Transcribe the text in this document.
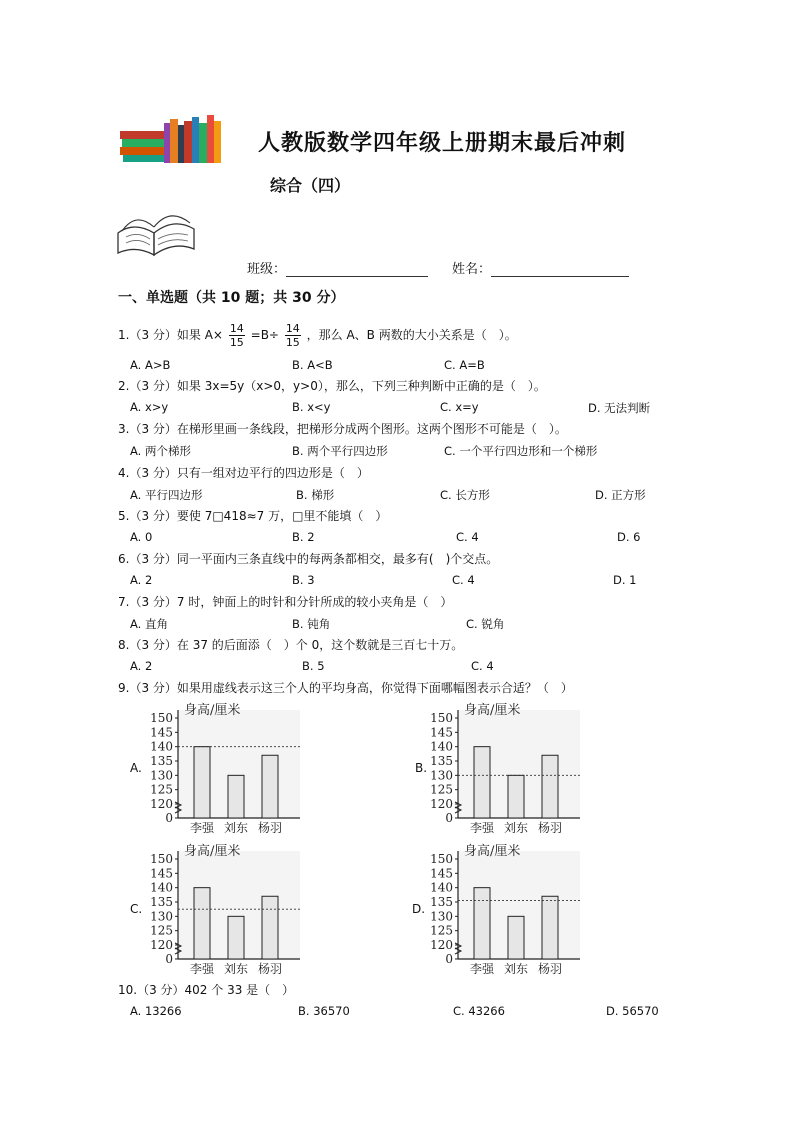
人教版数学四年级上册期末最后冲刺
综合（四）
班级：	姓名：
一、单选题（共 10 题；共 30 分）
1.（3 分）如果 $A\times \frac{14}{15} =B\div \frac{14}{15}$ ，那么 A、B 两数的大小关系是（　）。
A. A>B	B. A<B	C. A=B
2.（3 分）如果 3x=5y（x>0，y>0），那么，下列三种判断中正确的是（　）。
A. x>y	B. x<y	C. x=y	D. 无法判断
3.（3 分）在梯形里画一条线段，把梯形分成两个图形。这两个图形不可能是（　）。
A. 两个梯形	B. 两个平行四边形	C. 一个平行四边形和一个梯形
4.（3 分）只有一组对边平行的四边形是（　）
A. 平行四边形	B. 梯形	C. 长方形	D. 正方形
5.（3 分）要使 7□418≈7 万，□里不能填（　）
A. 0	B. 2	C. 4	D. 6
6.（3 分）同一平面内三条直线中的每两条都相交，最多有(　)个交点。
A. 2	B. 3	C. 4	D. 1
7.（3 分）7 时，钟面上的时针和分针所成的较小夹角是（　）
A. 直角	B. 钝角	C. 锐角
8.（3 分）在 37 的后面添（　）个 0，这个数就是三百七十万。
A. 2	B. 5	C. 4
9.（3 分）如果用虚线表示这三个人的平均身高，你觉得下面哪幅图表示合适？（　）
A.
150
145
140
135
130
125
120
0
身高/厘米
李强 刘东 杨羽
B.
150
145
140
135
130
125
120
0
身高/厘米
李强 刘东 杨羽
C.
150
145
140
135
130
125
120
0
身高/厘米
李强 刘东 杨羽
D.
150
145
140
135
130
125
120
0
身高/厘米
李强 刘东 杨羽
10.（3 分）402 个 33 是（　）
A. 13266	B. 36570	C. 43266	D. 56570
